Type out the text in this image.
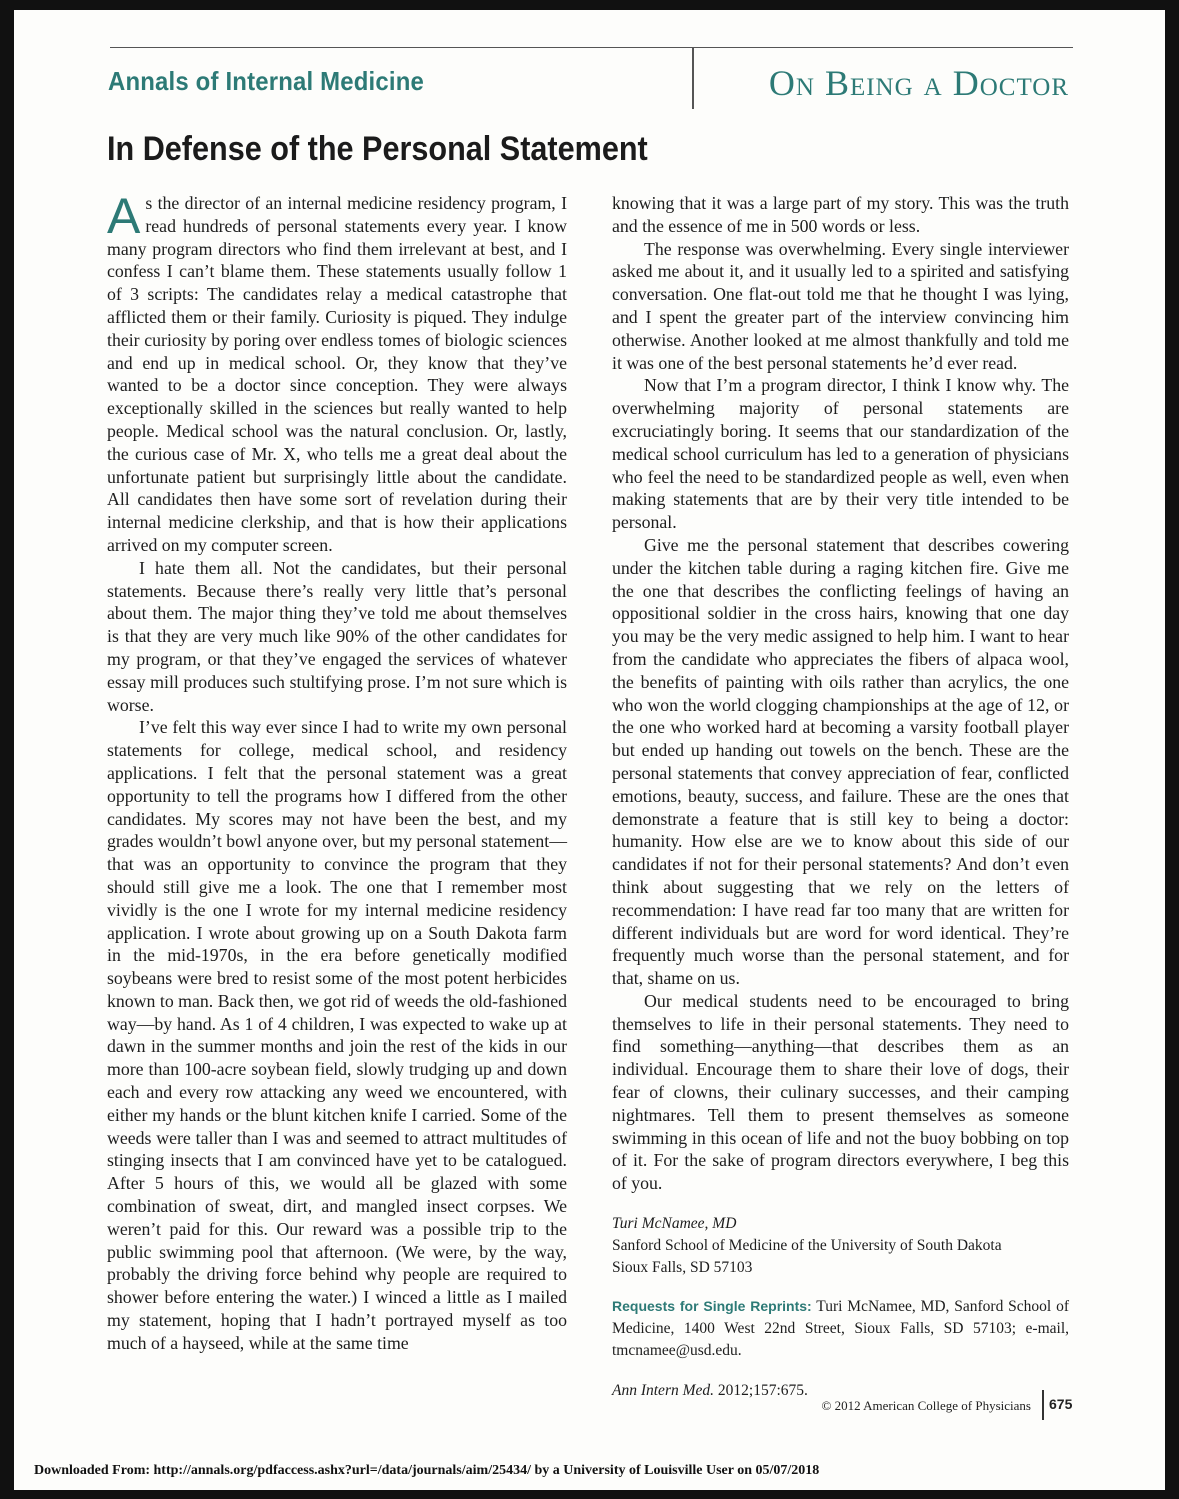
Annals of Internal Medicine	On Being a Doctor
In Defense of the Personal Statement

As the director of an internal medicine residency program, I read hundreds of personal statements every year. I know many program directors who find them irrelevant at best, and I confess I can’t blame them. These statements usually follow 1 of 3 scripts: The candidates relay a medical catastrophe that afflicted them or their family. Curiosity is piqued. They indulge their curiosity by poring over endless tomes of biologic sciences and end up in medical school. Or, they know that they’ve wanted to be a doctor since conception. They were always exceptionally skilled in the sciences but really wanted to help people. Medical school was the natural conclusion. Or, lastly, the curious case of Mr. X, who tells me a great deal about the unfortunate patient but surprisingly little about the candidate. All candidates then have some sort of revelation during their internal medicine clerkship, and that is how their applications arrived on my computer screen.

I hate them all. Not the candidates, but their personal statements. Because there’s really very little that’s personal about them. The major thing they’ve told me about themselves is that they are very much like 90% of the other candidates for my program, or that they’ve engaged the services of whatever essay mill produces such stultifying prose. I’m not sure which is worse.

I’ve felt this way ever since I had to write my own personal statements for college, medical school, and residency applications. I felt that the personal statement was a great opportunity to tell the programs how I differed from the other candidates. My scores may not have been the best, and my grades wouldn’t bowl anyone over, but my personal statement—that was an opportunity to convince the program that they should still give me a look. The one that I remember most vividly is the one I wrote for my internal medicine residency application. I wrote about growing up on a South Dakota farm in the mid-1970s, in the era before genetically modified soybeans were bred to resist some of the most potent herbicides known to man. Back then, we got rid of weeds the old-fashioned way—by hand. As 1 of 4 children, I was expected to wake up at dawn in the summer months and join the rest of the kids in our more than 100-acre soybean field, slowly trudging up and down each and every row attacking any weed we encountered, with either my hands or the blunt kitchen knife I carried. Some of the weeds were taller than I was and seemed to attract multitudes of stinging insects that I am convinced have yet to be catalogued. After 5 hours of this, we would all be glazed with some combination of sweat, dirt, and mangled insect corpses. We weren’t paid for this. Our reward was a possible trip to the public swimming pool that afternoon. (We were, by the way, probably the driving force behind why people are required to shower before entering the water.) I winced a little as I mailed my statement, hoping that I hadn’t portrayed myself as too much of a hayseed, while at the same time

knowing that it was a large part of my story. This was the truth and the essence of me in 500 words or less.

The response was overwhelming. Every single interviewer asked me about it, and it usually led to a spirited and satisfying conversation. One flat-out told me that he thought I was lying, and I spent the greater part of the interview convincing him otherwise. Another looked at me almost thankfully and told me it was one of the best personal statements he’d ever read.

Now that I’m a program director, I think I know why. The overwhelming majority of personal statements are excruciatingly boring. It seems that our standardization of the medical school curriculum has led to a generation of physicians who feel the need to be standardized people as well, even when making statements that are by their very title intended to be personal.

Give me the personal statement that describes cowering under the kitchen table during a raging kitchen fire. Give me the one that describes the conflicting feelings of having an oppositional soldier in the cross hairs, knowing that one day you may be the very medic assigned to help him. I want to hear from the candidate who appreciates the fibers of alpaca wool, the benefits of painting with oils rather than acrylics, the one who won the world clogging championships at the age of 12, or the one who worked hard at becoming a varsity football player but ended up handing out towels on the bench. These are the personal statements that convey appreciation of fear, conflicted emotions, beauty, success, and failure. These are the ones that demonstrate a feature that is still key to being a doctor: humanity. How else are we to know about this side of our candidates if not for their personal statements? And don’t even think about suggesting that we rely on the letters of recommendation: I have read far too many that are written for different individuals but are word for word identical. They’re frequently much worse than the personal statement, and for that, shame on us.

Our medical students need to be encouraged to bring themselves to life in their personal statements. They need to find something—anything—that describes them as an individual. Encourage them to share their love of dogs, their fear of clowns, their culinary successes, and their camping nightmares. Tell them to present themselves as someone swimming in this ocean of life and not the buoy bobbing on top of it. For the sake of program directors everywhere, I beg this of you.

Turi McNamee, MD
Sanford School of Medicine of the University of South Dakota
Sioux Falls, SD 57103
Requests for Single Reprints: Turi McNamee, MD, Sanford School of Medicine, 1400 West 22nd Street, Sioux Falls, SD 57103; e-mail, tmcnamee@usd.edu.
Ann Intern Med. 2012;157:675.
© 2012 American College of Physicians 675
Downloaded From: http://annals.org/pdfaccess.ashx?url=/data/journals/aim/25434/ by a University of Louisville User on 05/07/2018
